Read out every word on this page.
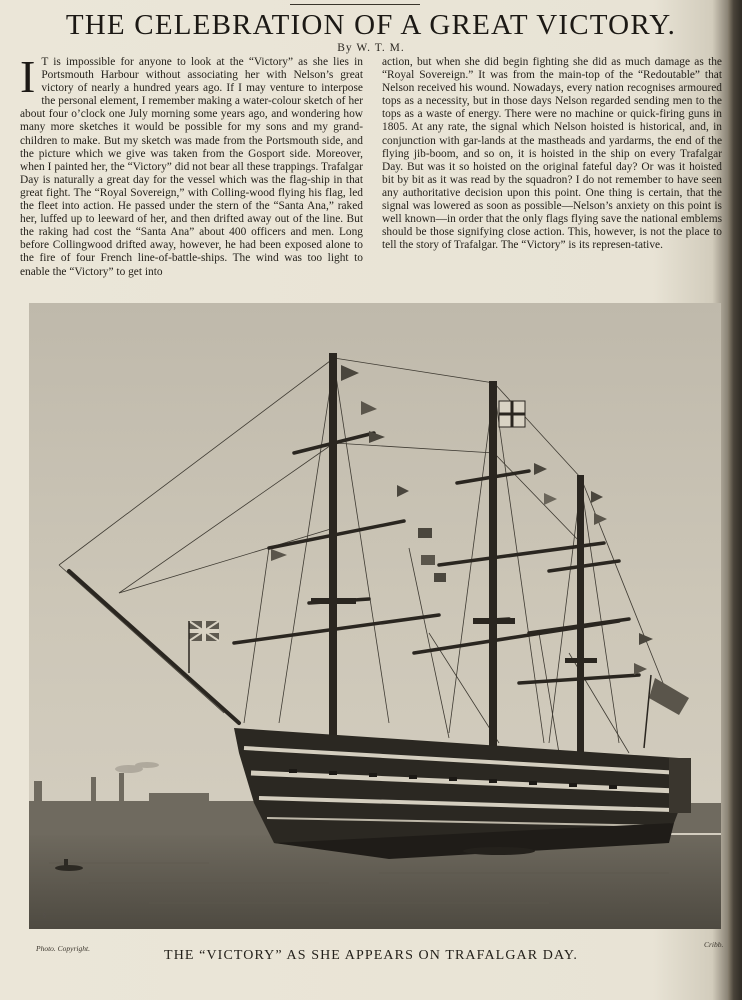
THE CELEBRATION OF A GREAT VICTORY.
By W. T. M.

I T is impossible for anyone to look at the “Victory” as she lies in Portsmouth Harbour without associating her with Nelson’s great victory of nearly a hundred years ago. If I may venture to interpose the personal element, I remember making a water-colour sketch of her about four o’clock one July morning some years ago, and wondering how many more sketches it would be possible for my sons and my grand-children to make. But my sketch was made from the Portsmouth side, and the picture which we give was taken from the Gosport side. Moreover, when I painted her, the “Victory” did not bear all these trappings. Trafalgar Day is naturally a great day for the vessel which was the flag-ship in that great fight. The “Royal Sovereign,” with Colling-wood flying his flag, led the fleet into action. He passed under the stern of the “Santa Ana,” raked her, luffed up to leeward of her, and then drifted away out of the line. But the raking had cost the “Santa Ana” about 400 officers and men. Long before Collingwood drifted away, however, he had been exposed alone to the fire of four French line-of-battle-ships. The wind was too light to enable the “Victory” to get into

action, but when she did begin fighting she did as much damage as the “Royal Sovereign.” It was from the main-top of the “Redoutable” that Nelson received his wound. Nowadays, every nation recognises armoured tops as a necessity, but in those days Nelson regarded sending men to the tops as a waste of energy. There were no machine or quick-firing guns in 1805. At any rate, the signal which Nelson hoisted is historical, and, in conjunction with gar-lands at the mastheads and yardarms, the end of the flying jib-boom, and so on, it is hoisted in the ship on every Trafalgar Day. But was it so hoisted on the original fateful day? Or was it hoisted bit by bit as it was read by the squadron? I do not remember to have seen any authoritative decision upon this point. One thing is certain, that the signal was lowered as soon as possible—Nelson’s anxiety on this point is well known—in order that the only flags flying save the national emblems should be those signifying close action. This, however, is not the place to tell the story of Trafalgar. The “Victory” is its represen-tative.

§
Photo. Copyright.	Cribb.
THE “VICTORY” AS SHE APPEARS ON TRAFALGAR DAY.
